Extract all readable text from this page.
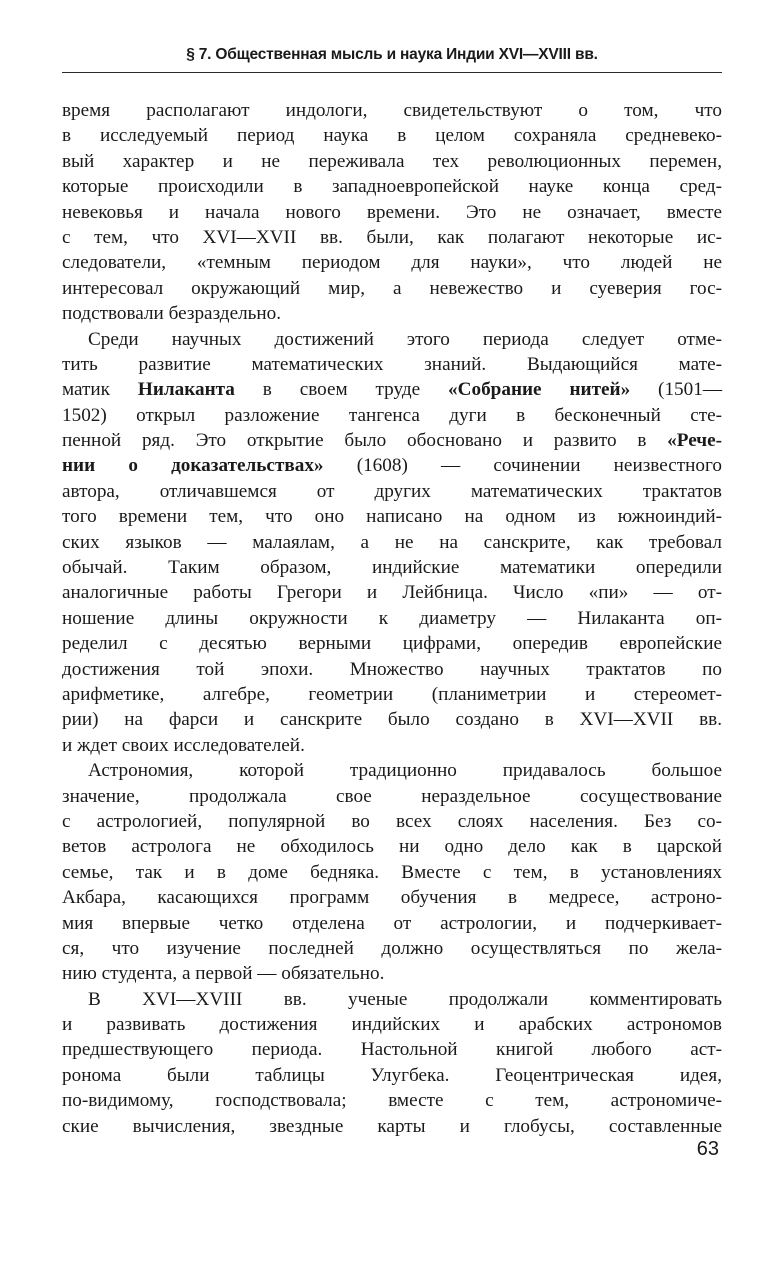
§ 7. Общественная мысль и наука Индии XVI—XVIII вв.
время располагают индологи, свидетельствуют о том, что
в исследуемый период наука в целом сохраняла средневеко-
вый характер и не переживала тех революционных перемен,
которые происходили в западноевропейской науке конца сред-
невековья и начала нового времени. Это не означает, вместе
с тем, что XVI—XVII вв. были, как полагают некоторые ис-
следователи, «темным периодом для науки», что людей не
интересовал окружающий мир, а невежество и суеверия гос-
подствовали безраздельно.
Среди научных достижений этого периода следует отме-
тить развитие математических знаний. Выдающийся мате-
матик Нилаканта в своем труде «Собрание нитей» (1501—
1502) открыл разложение тангенса дуги в бесконечный сте-
пенной ряд. Это открытие было обосновано и развито в «Рече-
нии о доказательствах» (1608) — сочинении неизвестного
автора, отличавшемся от других математических трактатов
того времени тем, что оно написано на одном из южноиндий-
ских языков — малаялам, а не на санскрите, как требовал
обычай. Таким образом, индийские математики опередили
аналогичные работы Грегори и Лейбница. Число «пи» — от-
ношение длины окружности к диаметру — Нилаканта оп-
ределил с десятью верными цифрами, опередив европейские
достижения той эпохи. Множество научных трактатов по
арифметике, алгебре, геометрии (планиметрии и стереомет-
рии) на фарси и санскрите было создано в XVI—XVII вв.
и ждет своих исследователей.
Астрономия, которой традиционно придавалось большое
значение, продолжала свое нераздельное сосуществование
с астрологией, популярной во всех слоях населения. Без со-
ветов астролога не обходилось ни одно дело как в царской
семье, так и в доме бедняка. Вместе с тем, в установлениях
Акбара, касающихся программ обучения в медресе, астроно-
мия впервые четко отделена от астрологии, и подчеркивает-
ся, что изучение последней должно осуществляться по жела-
нию студента, а первой — обязательно.
В XVI—XVIII вв. ученые продолжали комментировать
и развивать достижения индийских и арабских астрономов
предшествующего периода. Настольной книгой любого аст-
ронома были таблицы Улугбека. Геоцентрическая идея,
по-видимому, господствовала; вместе с тем, астрономиче-
ские вычисления, звездные карты и глобусы, составленные
63
